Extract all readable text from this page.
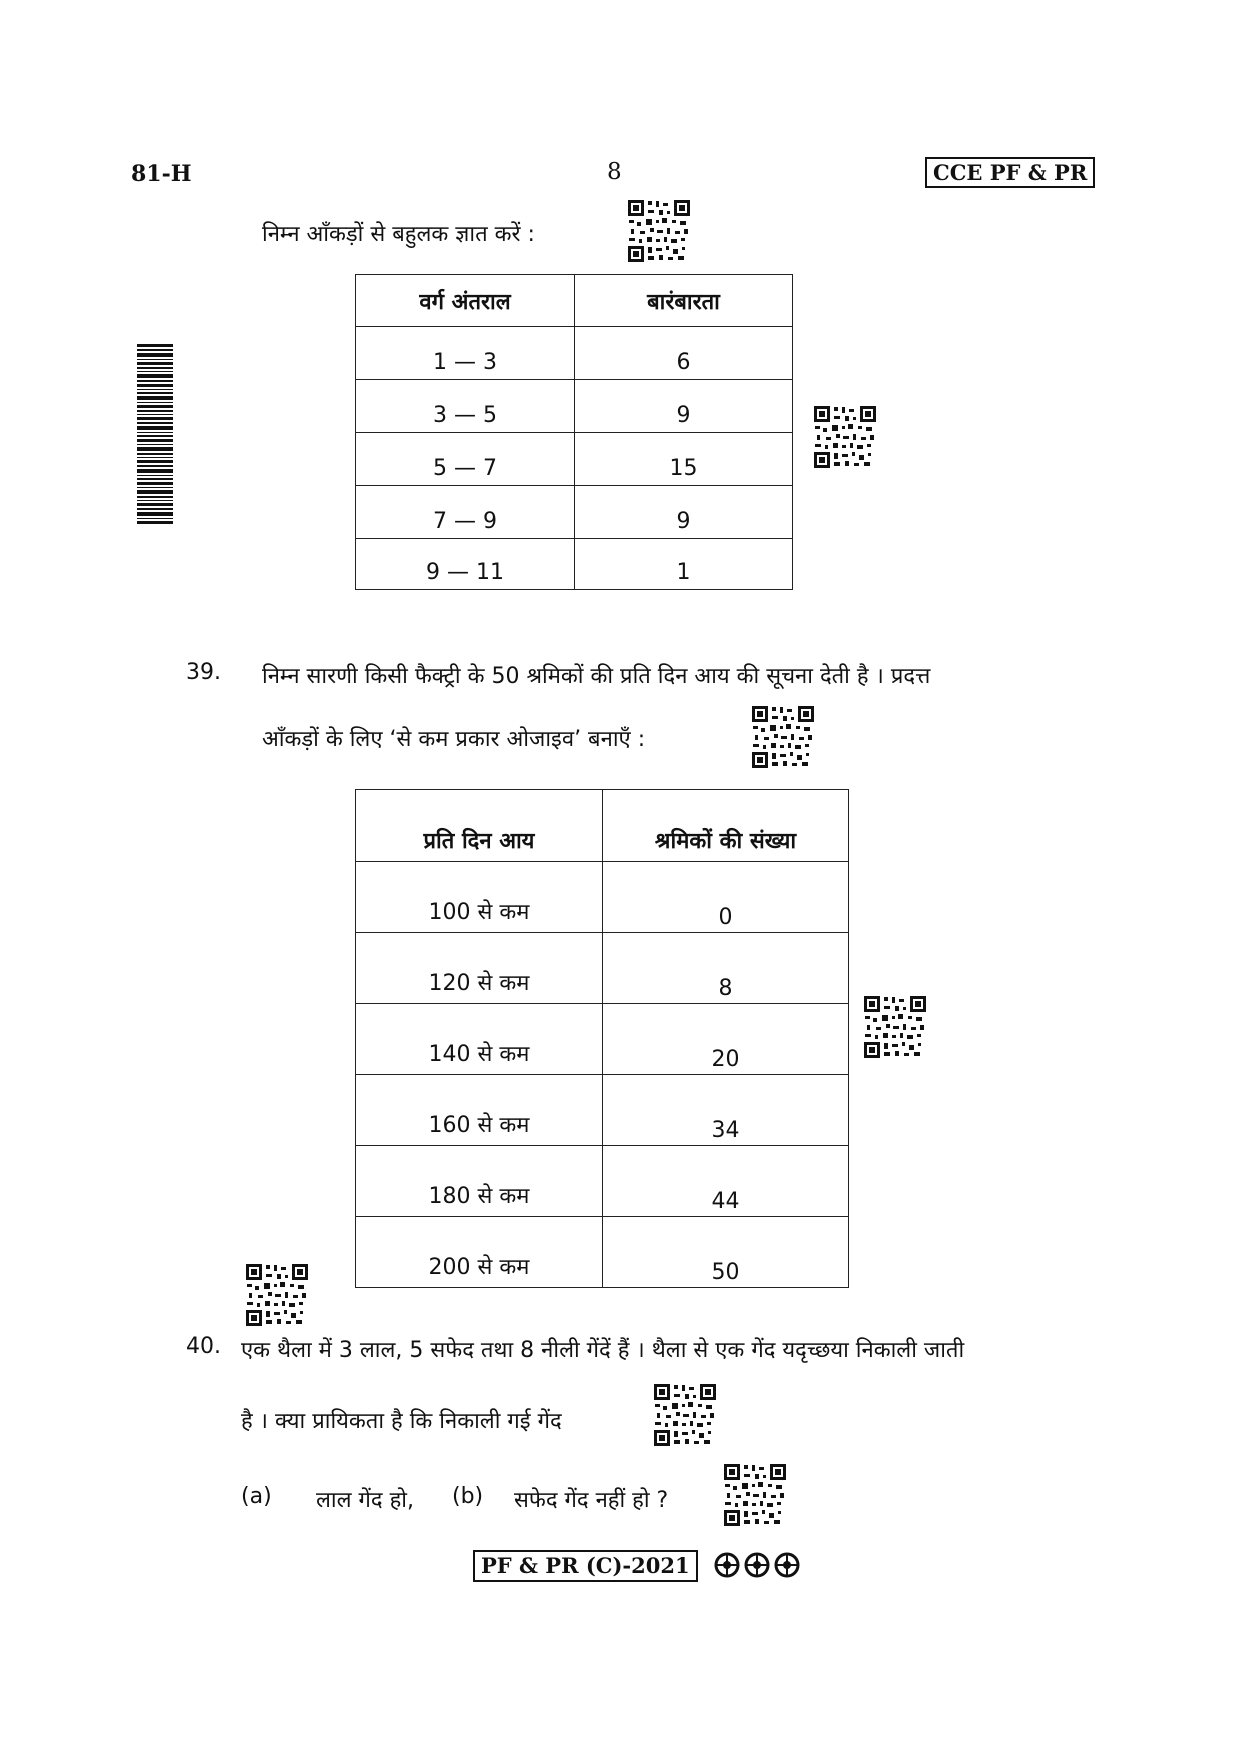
81-H	8	CCE PF & PR
निम्न आँकड़ों से बहुलक ज्ञात करें :
वर्ग अंतराल	बारंबारता
1 — 3	6
3 — 5	9
5 — 7	15
7 — 9	9
9 — 11	1
39. निम्न सारणी किसी फैक्ट्री के 50 श्रमिकों की प्रति दिन आय की सूचना देती है । प्रदत्त
आँकड़ों के लिए ‘से कम प्रकार ओजाइव’ बनाएँ :
प्रति दिन आय	श्रमिकों की संख्या
100 से कम	0
120 से कम	8
140 से कम	20
160 से कम	34
180 से कम	44
200 से कम	50
40. एक थैला में 3 लाल, 5 सफेद तथा 8 नीली गेंदें हैं । थैला से एक गेंद यदृच्छया निकाली जाती
है । क्या प्रायिकता है कि निकाली गई गेंद
(a) लाल गेंद हो, (b) सफेद गेंद नहीं हो ?
PF & PR (C)-2021
